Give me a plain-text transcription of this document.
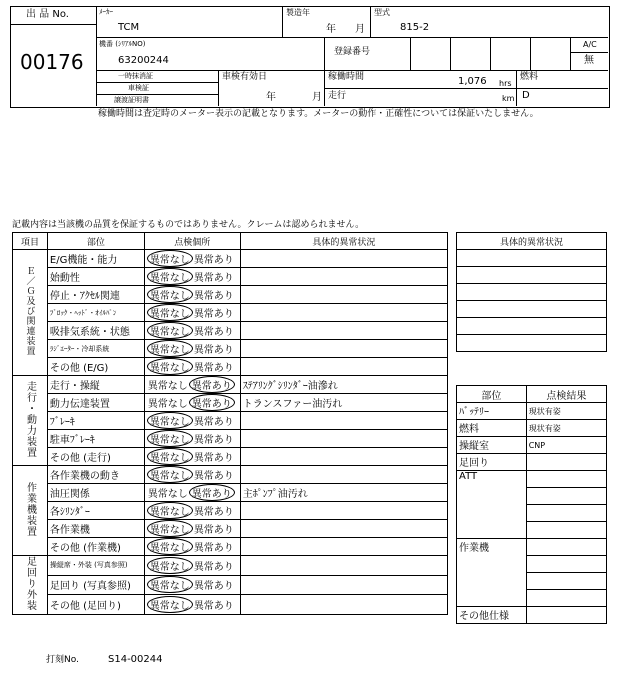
出 品 No.
00176
ﾒｰｶｰ
TCM
製造年
年 月
型式
815-2
機番 (ｼﾘｱﾙNO)
63200244
登録番号
A/C
無
一時抹消証
車検証
譲渡証明書
車検有効日
年	月
稼働時間	1,076 hrs
走行	km
燃料
D
稼働時間は査定時のメーター表示の記載となります。メーターの動作・正確性については保証いたしません。
記載内容は当該機の品質を保証するものではありません。クレームは認められません。
項目	部位	点検個所	具体的異常状況
Ｅ／Ｇ及び関連装置	E/G機能・能力	異常なし 異常あり	
	始動性	異常なし 異常あり	
	停止・ｱｸｾﾙ関連	異常なし 異常あり	
	ﾌﾞﾛｯｸ・ﾍｯﾄﾞ・ｵｲﾙﾊﾟﾝ	異常なし 異常あり	
	吸排気系統・状態	異常なし 異常あり	
	ﾗｼﾞｴｰﾀｰ・冷却系統	異常なし 異常あり	
	その他 (E/G)	異常なし 異常あり	
走行・動力装置	走行・操縦	異常なし 異常あり	ｽﾃｱﾘﾝｸﾞｼﾘﾝﾀﾞｰ油滲れ
	動力伝達装置	異常なし 異常あり	トランスファー油汚れ
	ﾌﾞﾚｰｷ	異常なし 異常あり	
	駐車ﾌﾞﾚｰｷ	異常なし 異常あり	
	その他 (走行)	異常なし 異常あり	
作業機装置	各作業機の動き	異常なし 異常あり	
	油圧関係	異常なし 異常あり	主ﾎﾟﾝﾌﾟ油汚れ
	各ｼﾘﾝﾀﾞｰ	異常なし 異常あり	
	各作業機	異常なし 異常あり	
	その他 (作業機)	異常なし 異常あり	
足回り外装	操縦席・外装 (写真参照)	異常なし 異常あり	
	足回り (写真参照)	異常なし 異常あり	
	その他 (足回り)	異常なし 異常あり	
具体的異常状況

部位	点検結果
ﾊﾞｯﾃﾘｰ	現状有姿
燃料	現状有姿
操縦室	CNP
足回り	
ATT	

作業機	

その他仕様	
打刻No.	S14-00244
